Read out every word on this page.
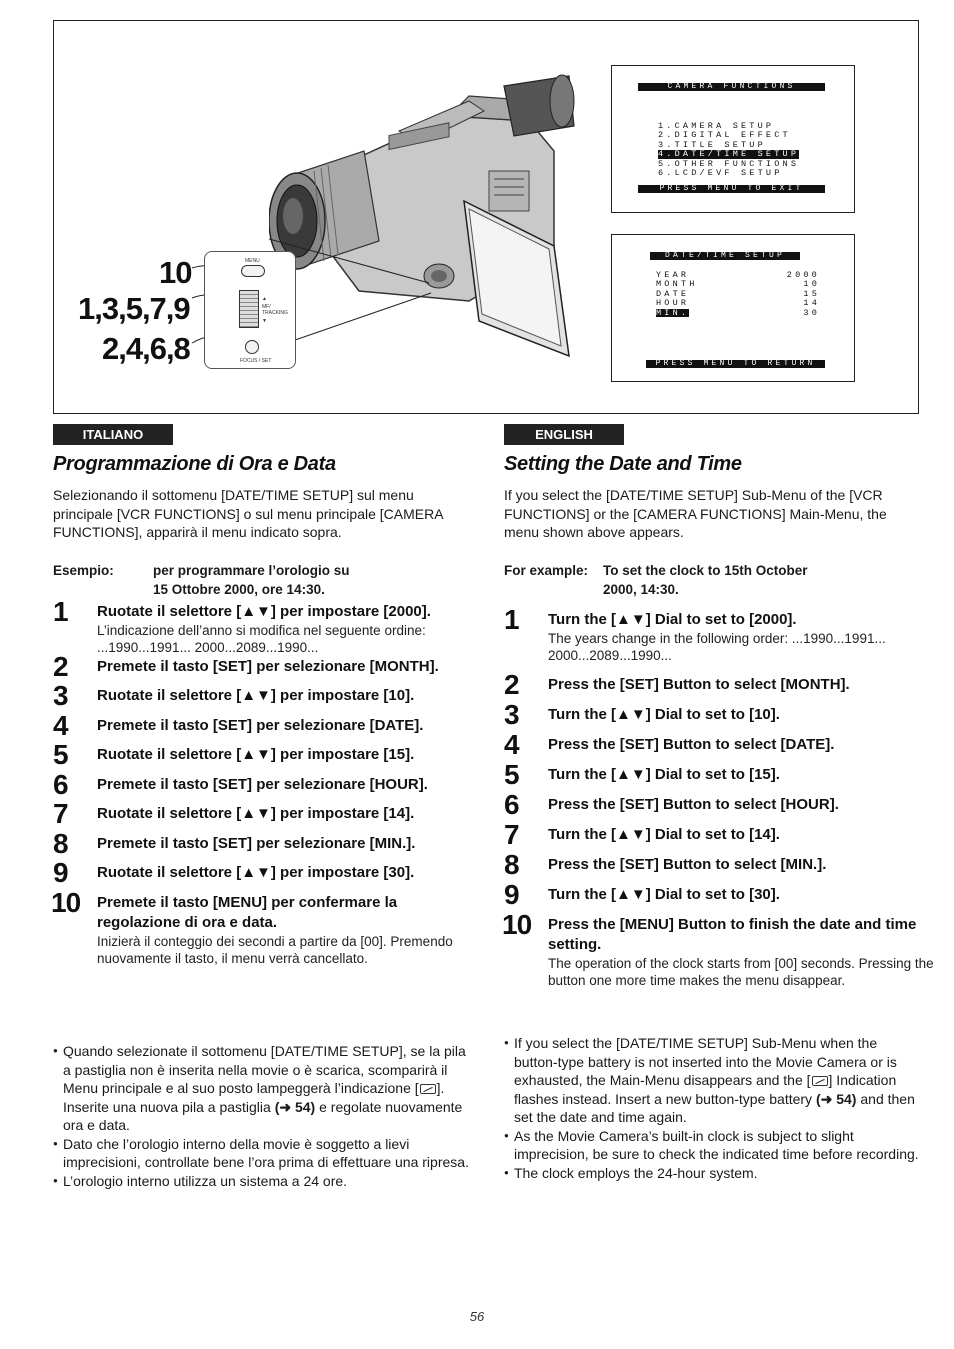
10
1,3,5,7,9
2,4,6,8
MENU
▲
MF/ TRACKING
▼
FOCUS / SET
CAMERA FUNCTIONS
1.CAMERA SETUP
2.DIGITAL EFFECT
3.TITLE SETUP
4.DATE/TIME SETUP
5.OTHER FUNCTIONS
6.LCD/EVF SETUP
PRESS MENU TO EXIT
DATE/TIME SETUP
YEAR	2000
MONTH	10
DATE	15
HOUR	14
MIN.	30
PRESS MENU TO RETURN
ITALIANO
Programmazione di Ora e Data
Selezionando il sottomenu [DATE/TIME SETUP] sul menu principale [VCR FUNCTIONS] o sul menu principale [CAMERA FUNCTIONS], apparirà il menu indicato sopra.
Esempio:	per programmare l’orologio su
15 Ottobre 2000, ore 14:30.
1 Ruotate il selettore [▲▼] per impostare [2000].
L’indicazione dell’anno si modifica nel seguente ordine: ...1990...1991... 2000...2089...1990...
2 Premete il tasto [SET] per selezionare [MONTH].
3 Ruotate il selettore [▲▼] per impostare [10].
4 Premete il tasto [SET] per selezionare [DATE].
5 Ruotate il selettore [▲▼] per impostare [15].
6 Premete il tasto [SET] per selezionare [HOUR].
7 Ruotate il selettore [▲▼] per impostare [14].
8 Premete il tasto [SET] per selezionare [MIN.].
9 Ruotate il selettore [▲▼] per impostare [30].
10 Premete il tasto [MENU] per confermare la regolazione di ora e data.
Inizierà il conteggio dei secondi a partire da [00]. Premendo nuovamente il tasto, il menu verrà cancellato.
● Quando selezionate il sottomenu [DATE/TIME SETUP], se la pila a pastiglia non è inserita nella movie o è scarica, scomparirà il Menu principale e al suo posto lampeggerà l’indicazione [ ]. Inserite una nuova pila a pastiglia (➜ 54) e regolate nuovamente ora e data.
● Dato che l’orologio interno della movie è soggetto a lievi imprecisioni, controllate bene l’ora prima di effettuare una ripresa.
● L’orologio interno utilizza un sistema a 24 ore.
ENGLISH
Setting the Date and Time
If you select the [DATE/TIME SETUP] Sub-Menu of the [VCR FUNCTIONS] or the [CAMERA FUNCTIONS] Main-Menu, the menu shown above appears.
For example: To set the clock to 15th October
2000, 14:30.
1 Turn the [▲▼] Dial to set to [2000].
The years change in the following order: ...1990...1991... 2000...2089...1990...
2 Press the [SET] Button to select [MONTH].
3 Turn the [▲▼] Dial to set to [10].
4 Press the [SET] Button to select [DATE].
5 Turn the [▲▼] Dial to set to [15].
6 Press the [SET] Button to select [HOUR].
7 Turn the [▲▼] Dial to set to [14].
8 Press the [SET] Button to select [MIN.].
9 Turn the [▲▼] Dial to set to [30].
10 Press the [MENU] Button to finish the date and time setting.
The operation of the clock starts from [00] seconds. Pressing the button one more time makes the menu disappear.
● If you select the [DATE/TIME SETUP] Sub-Menu when the button-type battery is not inserted into the Movie Camera or is exhausted, the Main-Menu disappears and the [ ] Indication flashes instead. Insert a new button-type battery (➜ 54) and then set the date and time again.
● As the Movie Camera’s built-in clock is subject to slight imprecision, be sure to check the indicated time before recording.
● The clock employs the 24-hour system.
56
